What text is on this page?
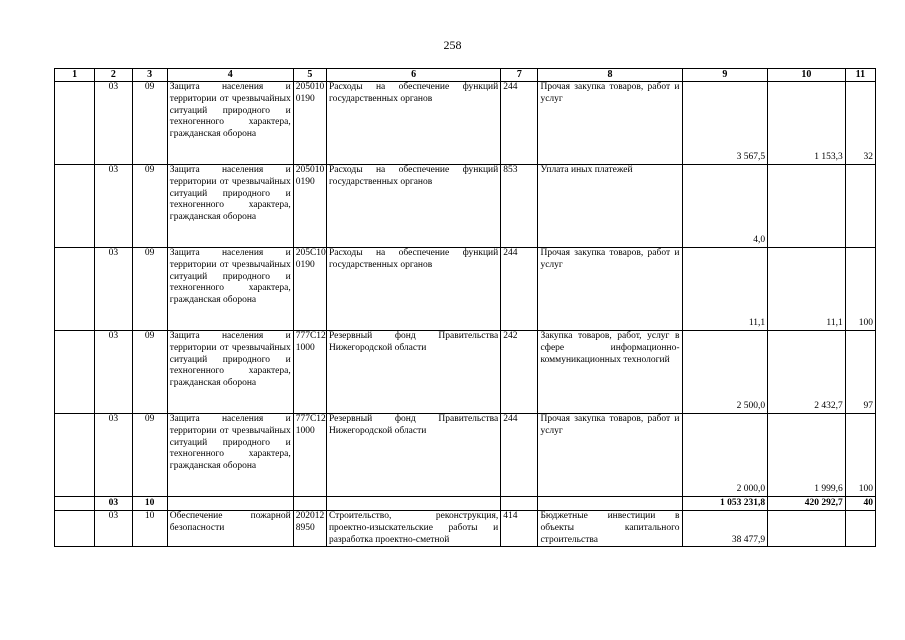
258
1	2	3	4	5	6	7	8	9	10	11
	03	09	Защита населения и территории от чрезвычайных ситуаций природного и техногенного характера, гражданская оборона	205010 0190	Расходы на обеспечение функций государственных органов	244	Прочая закупка товаров, работ и услуг	3 567,5	1 153,3	32
	03	09	Защита населения и территории от чрезвычайных ситуаций природного и техногенного характера, гражданская оборона	205010 0190	Расходы на обеспечение функций государственных органов	853	Уплата иных платежей	4,0		
	03	09	Защита населения и территории от чрезвычайных ситуаций природного и техногенного характера, гражданская оборона	205С10 0190	Расходы на обеспечение функций государственных органов	244	Прочая закупка товаров, работ и услуг	11,1	11,1	100
	03	09	Защита населения и территории от чрезвычайных ситуаций природного и техногенного характера, гражданская оборона	777С12 1000	Резервный фонд Правительства Нижегородской области	242	Закупка товаров, работ, услуг в сфере информационно-коммуникационных технологий	2 500,0	2 432,7	97
	03	09	Защита населения и территории от чрезвычайных ситуаций природного и техногенного характера, гражданская оборона	777С12 1000	Резервный фонд Правительства Нижегородской области	244	Прочая закупка товаров, работ и услуг	2 000,0	1 999,6	100
	03	10						1 053 231,8	420 292,7	40
	03	10	Обеспечение пожарной безопасности	202012 8950	Строительство, реконструкция, проектно-изыскательские работы и разработка проектно-сметной	414	Бюджетные инвестиции в объекты капитального строительства	38 477,9		
